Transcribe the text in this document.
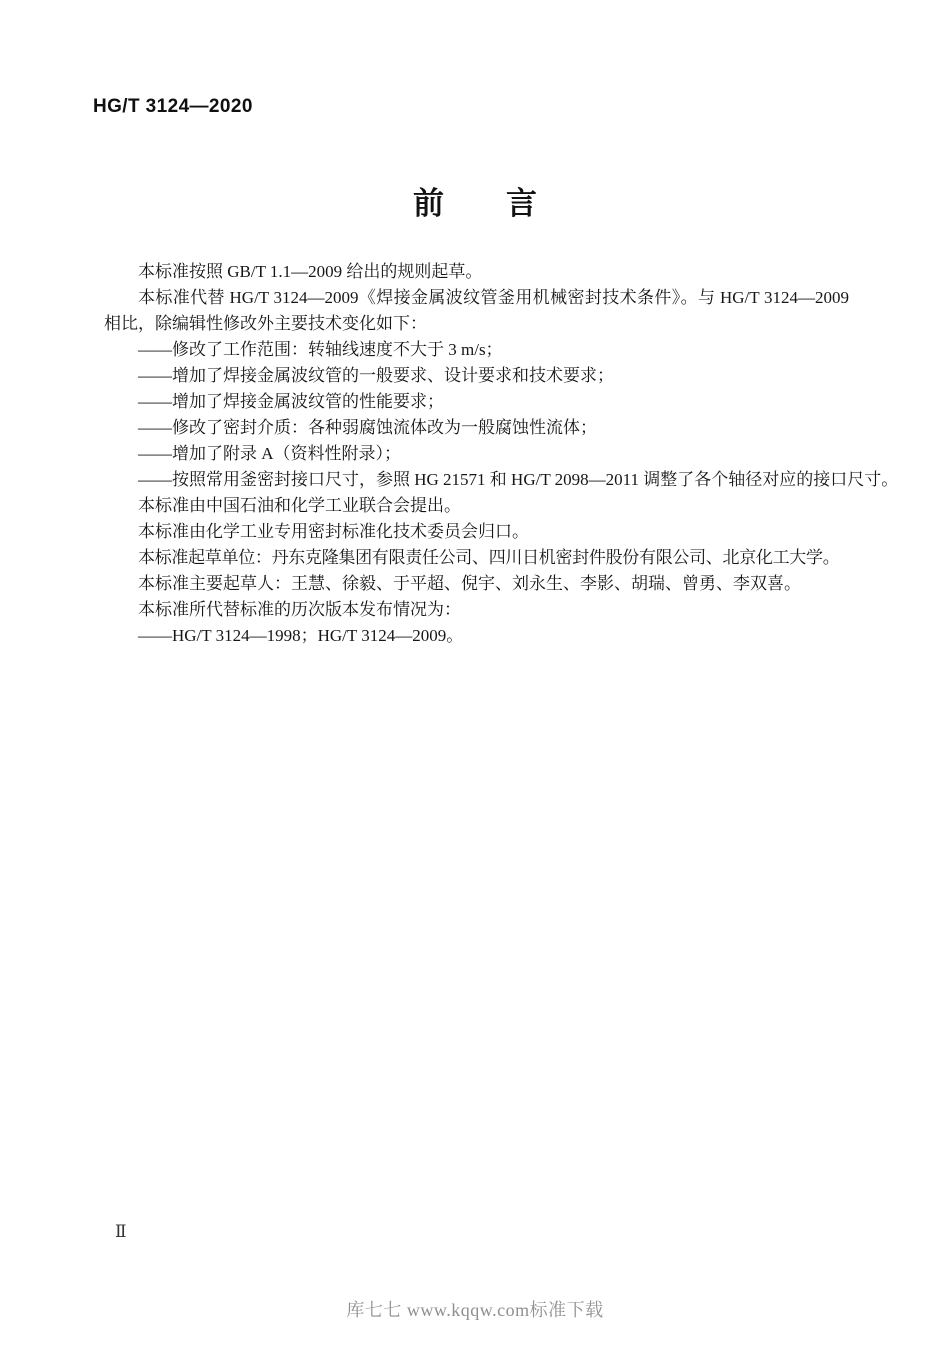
HG/T 3124—2020
前　　言

本标准按照 GB/T 1.1—2009 给出的规则起草。

本标准代替 HG/T 3124—2009《焊接金属波纹管釜用机械密封技术条件》。与 HG/T 3124—2009 相比，除编辑性修改外主要技术变化如下：

——修改了工作范围：转轴线速度不大于 3 m/s；

——增加了焊接金属波纹管的一般要求、设计要求和技术要求；

——增加了焊接金属波纹管的性能要求；

——修改了密封介质：各种弱腐蚀流体改为一般腐蚀性流体；

——增加了附录 A（资料性附录）；

——按照常用釜密封接口尺寸，参照 HG 21571 和 HG/T 2098—2011 调整了各个轴径对应的接口尺寸。

本标准由中国石油和化学工业联合会提出。

本标准由化学工业专用密封标准化技术委员会归口。

本标准起草单位：丹东克隆集团有限责任公司、四川日机密封件股份有限公司、北京化工大学。

本标准主要起草人：王慧、徐毅、于平超、倪宇、刘永生、李影、胡瑞、曾勇、李双喜。

本标准所代替标准的历次版本发布情况为：

——HG/T 3124—1998；HG/T 3124—2009。

Ⅱ
库七七 www.kqqw.com标准下载
